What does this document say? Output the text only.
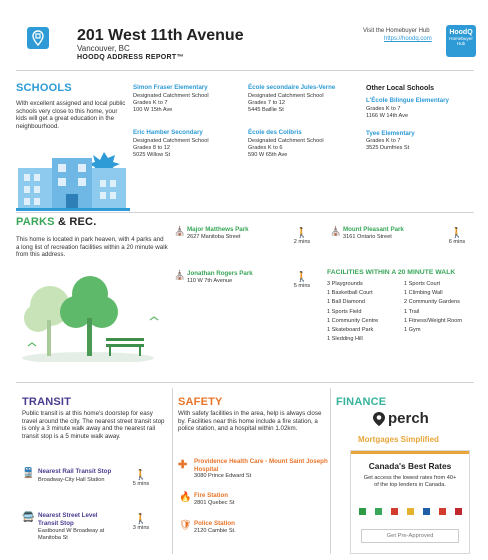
201 West 11th Avenue
Vancouver, BC
HOODQ ADDRESS REPORT™
Visit the Homebuyer Hub
https://hoodq.com
HoodQ
Homebuyer Hub
SCHOOLS
With excellent assigned and local public schools very close to this home, your kids will get a great education in the neighbourhood.
Simon Fraser Elementary
Designated Catchment School
Grades K to 7
100 W 15th Ave
École secondaire Jules-Verne
Designated Catchment School
Grades 7 to 12
5445 Baillie St
Eric Hamber Secondary
Designated Catchment School
Grades 8 to 12
5025 Willow St
École des Colibris
Designated Catchment School
Grades K to 6
590 W 65th Ave
Other Local Schools
L'École Bilingue Elementary
Grades K to 7
1166 W 14th Ave
Tyee Elementary
Grades K to 7
3525 Dumfries St
PARKS & REC.
This home is located in park heaven, with 4 parks and a long list of recreation facilities within a 20 minute walk from this address.
⛪ Major Matthews Park
2627 Manitoba Street	🚶
2 mins
⛪ Mount Pleasant Park
3161 Ontario Street	🚶
6 mins
⛪ Jonathan Rogers Park
110 W 7th Avenue	🚶
5 mins
FACILITIES WITHIN A 20 MINUTE WALK
3 Playgrounds
1 Basketball Court
1 Ball Diamond
1 Sports Field
1 Community Centre
1 Skateboard Park
1 Sledding Hill
1 Sports Court
1 Climbing Wall
2 Community Gardens
1 Trail
1 Fitness/Weight Room
1 Gym
TRANSIT
Public transit is at this home's doorstep for easy travel around the city. The nearest street transit stop is only a 3 minute walk away and the nearest rail transit stop is a 5 minute walk away.
🚆 Nearest Rail Transit Stop
Broadway-City Hall Station	🚶
5 mins
🚍 Nearest Street Level Transit Stop
Eastbound W Broadway at Manitoba St
🚶
3 mins
SAFETY
With safety facilities in the area, help is always close by. Facilities near this home include a fire station, a police station, and a hospital within 1.02km.
✚ Providence Health Care - Mount Saint Joseph Hospital
3080 Prince Edward St
🔥 Fire Station
2801 Quebec St
🛡 Police Station
2120 Cambie St.
FINANCE
perch
Mortgages Simplified
Canada's Best Rates
Get access the lowest rates from 40+ of the top lenders in Canada.
Get Pre-Approved
